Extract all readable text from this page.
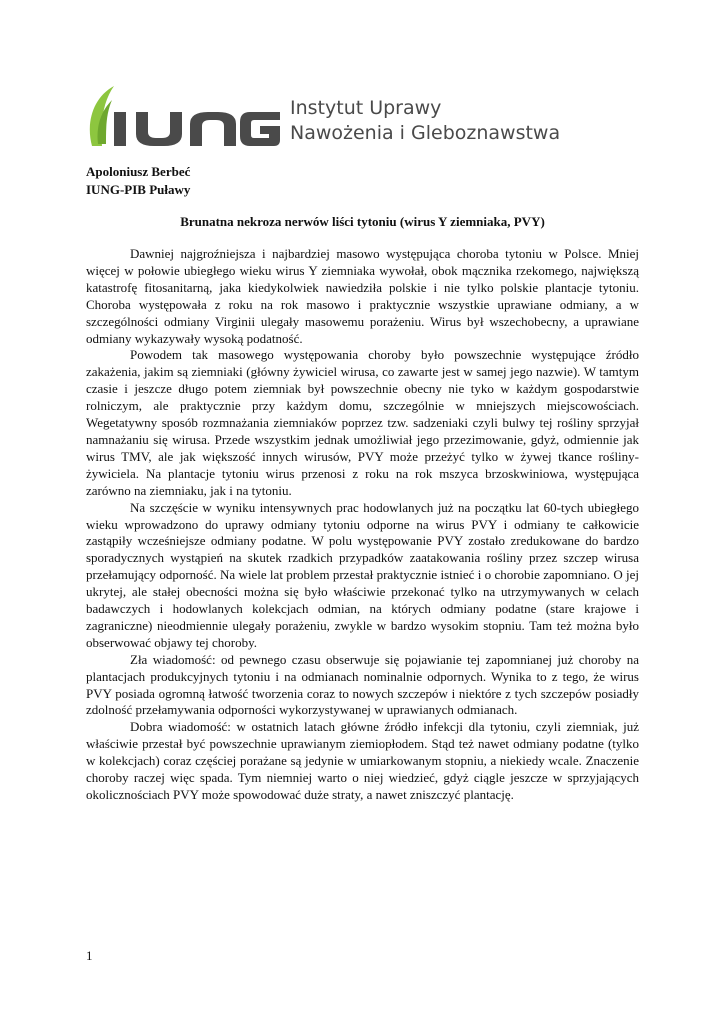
Instytut Uprawy
Nawożenia i Gleboznawstwa
Apoloniusz Berbeć
IUNG-PIB Puławy
Brunatna nekroza nerwów liści tytoniu (wirus Y ziemniaka, PVY)

Dawniej najgroźniejsza i najbardziej masowo występująca choroba tytoniu w Polsce. Mniej więcej w połowie ubiegłego wieku wirus Y ziemniaka wywołał, obok mącznika rzekomego, największą katastrofę fitosanitarną, jaka kiedykolwiek nawiedziła polskie i nie tylko polskie plantacje tytoniu. Choroba występowała z roku na rok masowo i praktycznie wszystkie uprawiane odmiany, a w szczególności odmiany Virginii ulegały masowemu porażeniu. Wirus był wszechobecny, a uprawiane odmiany wykazywały wysoką podatność.

Powodem tak masowego występowania choroby było powszechnie występujące źródło zakażenia, jakim są ziemniaki (główny żywiciel wirusa, co zawarte jest w samej jego nazwie). W tamtym czasie i jeszcze długo potem ziemniak był powszechnie obecny nie tyko w każdym gospodarstwie rolniczym, ale praktycznie przy każdym domu, szczególnie w mniejszych miejscowościach. Wegetatywny sposób rozmnażania ziemniaków poprzez tzw. sadzeniaki czyli bulwy tej rośliny sprzyjał namnażaniu się wirusa. Przede wszystkim jednak umożliwiał jego przezimowanie, gdyż, odmiennie jak wirus TMV, ale jak większość innych wirusów, PVY może przeżyć tylko w żywej tkance rośliny-żywiciela. Na plantacje tytoniu wirus przenosi z roku na rok mszyca brzoskwiniowa, występująca zarówno na ziemniaku, jak i na tytoniu.

Na szczęście w wyniku intensywnych prac hodowlanych już na początku lat 60-tych ubiegłego wieku wprowadzono do uprawy odmiany tytoniu odporne na wirus PVY i odmiany te całkowicie zastąpiły wcześniejsze odmiany podatne. W polu występowanie PVY zostało zredukowane do bardzo sporadycznych wystąpień na skutek rzadkich przypadków zaatakowania rośliny przez szczep wirusa przełamujący odporność. Na wiele lat problem przestał praktycznie istnieć i o chorobie zapomniano. O jej ukrytej, ale stałej obecności można się było właściwie przekonać tylko na utrzymywanych w celach badawczych i hodowlanych kolekcjach odmian, na których odmiany podatne (stare krajowe i zagraniczne) nieodmiennie ulegały porażeniu, zwykle w bardzo wysokim stopniu. Tam też można było obserwować objawy tej choroby.

Zła wiadomość: od pewnego czasu obserwuje się pojawianie tej zapomnianej już choroby na plantacjach produkcyjnych tytoniu i na odmianach nominalnie odpornych. Wynika to z tego, że wirus PVY posiada ogromną łatwość tworzenia coraz to nowych szczepów i niektóre z tych szczepów posiadły zdolność przełamywania odporności wykorzystywanej w uprawianych odmianach.

Dobra wiadomość: w ostatnich latach główne źródło infekcji dla tytoniu, czyli ziemniak, już właściwie przestał być powszechnie uprawianym ziemiopłodem. Stąd też nawet odmiany podatne (tylko w kolekcjach) coraz częściej porażane są jedynie w umiarkowanym stopniu, a niekiedy wcale. Znaczenie choroby raczej więc spada. Tym niemniej warto o niej wiedzieć, gdyż ciągle jeszcze w sprzyjających okolicznościach PVY może spowodować duże straty, a nawet zniszczyć plantację.

1
